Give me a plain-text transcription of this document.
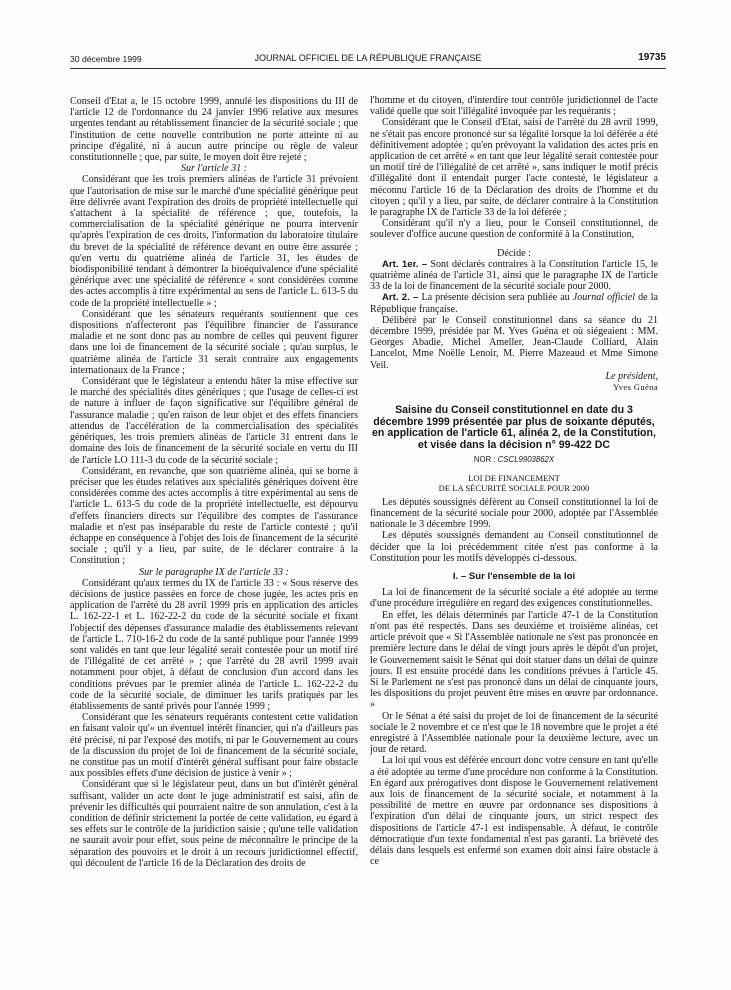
30 décembre 1999	JOURNAL OFFICIEL DE LA RÉPUBLIQUE FRANÇAISE	19735

Conseil d'Etat a, le 15 octobre 1999, annulé les dispositions du III de l'article 12 de l'ordonnance du 24 janvier 1996 relative aux mesures urgentes tendant au rétablissement financier de la sécurité sociale ; que l'institution de cette nouvelle contribution ne porte atteinte ni au principe d'égalité, ni à aucun autre principe ou règle de valeur constitutionnelle ; que, par suite, le moyen doit être rejeté ;

Sur l'article 31 :

Considérant que les trois premiers alinéas de l'article 31 prévoient que l'autorisation de mise sur le marché d'une spécialité générique peut être délivrée avant l'expiration des droits de propriété intellectuelle qui s'attachent à la spécialité de référence ; que, toutefois, la commercialisation de la spécialité générique ne pourra intervenir qu'après l'expiration de ces droits, l'information du laboratoire titulaire du brevet de la spécialité de référence devant en outre être assurée ; qu'en vertu du quatrième alinéa de l'article 31, les études de biodisponibilité tendant à démontrer la bioéquivalence d'une spécialité générique avec une spécialité de référence « sont considérées comme des actes accomplis à titre expérimental au sens de l'article L. 613-5 du code de la propriété intellectuelle » ;

Considérant que les sénateurs requérants soutiennent que ces dispositions n'affecteront pas l'équilibre financier de l'assurance maladie et ne sont donc pas au nombre de celles qui peuvent figurer dans une loi de financement de la sécurité sociale ; qu'au surplus, le quatrième alinéa de l'article 31 serait contraire aux engagements internationaux de la France ;

Considérant que le législateur a entendu hâter la mise effective sur le marché des spécialités dites génériques ; que l'usage de celles-ci est de nature à influer de façon significative sur l'équilibre général de l'assurance maladie ; qu'en raison de leur objet et des effets financiers attendus de l'accélération de la commercialisation des spécialités génériques, les trois premiers alinéas de l'article 31 entrent dans le domaine des lois de financement de la sécurité sociale en vertu du III de l'article LO 111-3 du code de la sécurité sociale ;

Considérant, en revanche, que son quatrième alinéa, qui se borne à préciser que les études relatives aux spécialités génériques doivent être considérées comme des actes accomplis à titre expérimental au sens de l'article L. 613-5 du code de la propriété intellectuelle, est dépourvu d'effets financiers directs sur l'équilibre des comptes de l'assurance maladie et n'est pas inséparable du reste de l'article contesté ; qu'il échappe en conséquence à l'objet des lois de financement de la sécurité sociale ; qu'il y a lieu, par suite, de le déclarer contraire à la Constitution ;

Sur le paragraphe IX de l'article 33 :

Considérant qu'aux termes du IX de l'article 33 : « Sous réserve des décisions de justice passées en force de chose jugée, les actes pris en application de l'arrêté du 28 avril 1999 pris en application des articles L. 162-22-1 et L. 162-22-2 du code de la sécurité sociale et fixant l'objectif des dépenses d'assurance maladie des établissements relevant de l'article L. 710-16-2 du code de la santé publique pour l'année 1999 sont validés en tant que leur légalité serait contestée pour un motif tiré de l'illégalité de cet arrêté » ; que l'arrêté du 28 avril 1999 avait notamment pour objet, à défaut de conclusion d'un accord dans les conditions prévues par le premier alinéa de l'article L. 162-22-2 du code de la sécurité sociale, de diminuer les tarifs pratiqués par les établissements de santé privés pour l'année 1999 ;

Considérant que les sénateurs requérants contestent cette validation en faisant valoir qu'« un éventuel intérêt financier, qui n'a d'ailleurs pas été précisé, ni par l'exposé des motifs, ni par le Gouvernement au cours de la discussion du projet de loi de financement de la sécurité sociale, ne constitue pas un motif d'intérêt général suffisant pour faire obstacle aux possibles effets d'une décision de justice à venir » ;

Considérant que si le législateur peut, dans un but d'intérêt général suffisant, valider un acte dont le juge administratif est saisi, afin de prévenir les difficultés qui pourraient naître de son annulation, c'est à la condition de définir strictement la portée de cette validation, eu égard à ses effets sur le contrôle de la juridiction saisie ; qu'une telle validation ne saurait avoir pour effet, sous peine de méconnaître le principe de la séparation des pouvoirs et le droit à un recours juridictionnel effectif, qui découlent de l'article 16 de la Déclaration des droits de

l'homme et du citoyen, d'interdire tout contrôle juridictionnel de l'acte validé quelle que soit l'illégalité invoquée par les requérants ;

Considérant que le Conseil d'Etat, saisi de l'arrêté du 28 avril 1999, ne s'était pas encore prononcé sur sa légalité lorsque la loi déférée a été définitivement adoptée ; qu'en prévoyant la validation des actes pris en application de cet arrêté « en tant que leur légalité serait contestée pour un motif tiré de l'illégalité de cet arrêté », sans indiquer le motif précis d'illégalité dont il entendait purger l'acte contesté, le législateur a méconnu l'article 16 de la Déclaration des droits de l'homme et du citoyen ; qu'il y a lieu, par suite, de déclarer contraire à la Constitution le paragraphe IX de l'article 33 de la loi déférée ;

Considérant qu'il n'y a lieu, pour le Conseil constitutionnel, de soulever d'office aucune question de conformité à la Constitution,

Décide :

Art. 1er. – Sont déclarés contraires à la Constitution l'article 15, le quatrième alinéa de l'article 31, ainsi que le paragraphe IX de l'article 33 de la loi de financement de la sécurité sociale pour 2000.

Art. 2. – La présente décision sera publiée au Journal officiel de la République française.

Délibéré par le Conseil constitutionnel dans sa séance du 21 décembre 1999, présidée par M. Yves Guéna et où siégeaient : MM. Georges Abadie, Michel Ameller, Jean-Claude Colliard, Alain Lancelot, Mme Noëlle Lenoir, M. Pierre Mazeaud et Mme Simone Veil.

Le président,

Yves Guéna

Saisine du Conseil constitutionnel en date du 3 décembre 1999 présentée par plus de soixante députés, en application de l'article 61, alinéa 2, de la Constitution, et visée dans la décision n° 99-422 DC
NOR : CSCL9903862X
LOI DE FINANCEMENT
DE LA SÉCURITÉ SOCIALE POUR 2000

Les députés soussignés défèrent au Conseil constitutionnel la loi de financement de la sécurité sociale pour 2000, adoptée par l'Assemblée nationale le 3 décembre 1999.

Les députés soussignés demandent au Conseil constitutionnel de décider que la loi précédemment citée n'est pas conforme à la Constitution pour les motifs développés ci-dessous.

I. – Sur l'ensemble de la loi

La loi de financement de la sécurité sociale a été adoptée au terme d'une procédure irrégulière en regard des exigences constitutionnelles.

En effet, les délais déterminés par l'article 47-1 de la Constitution n'ont pas été respectés. Dans ses deuxième et troisième alinéas, cet article prévoit que « Si l'Assemblée nationale ne s'est pas prononcée en première lecture dans le délai de vingt jours après le dépôt d'un projet, le Gouvernement saisit le Sénat qui doit statuer dans un délai de quinze jours. Il est ensuite procédé dans les conditions prévues à l'article 45. Si le Parlement ne s'est pas prononcé dans un délai de cinquante jours, les dispositions du projet peuvent être mises en œuvre par ordonnance. »

Or le Sénat a été saisi du projet de loi de financement de la sécurité sociale le 2 novembre et ce n'est que le 18 novembre que le projet a été enregistré à l'Assemblée nationale pour la deuxième lecture, avec un jour de retard.

La loi qui vous est déférée encourt donc votre censure en tant qu'elle a été adoptée au terme d'une procédure non conforme à la Constitution. En égard aux prérogatives dont dispose le Gouvernement relativement aux lois de financement de la sécurité sociale, et notamment à la possibilité de mettre en œuvre par ordonnance ses dispositions à l'expiration d'un délai de cinquante jours, un strict respect des dispositions de l'article 47-1 est indispensable. À défaut, le contrôle démocratique d'un texte fondamental n'est pas garanti. La brièveté des délais dans lesquels est enfermé son examen doit ainsi faire obstacle à ce
